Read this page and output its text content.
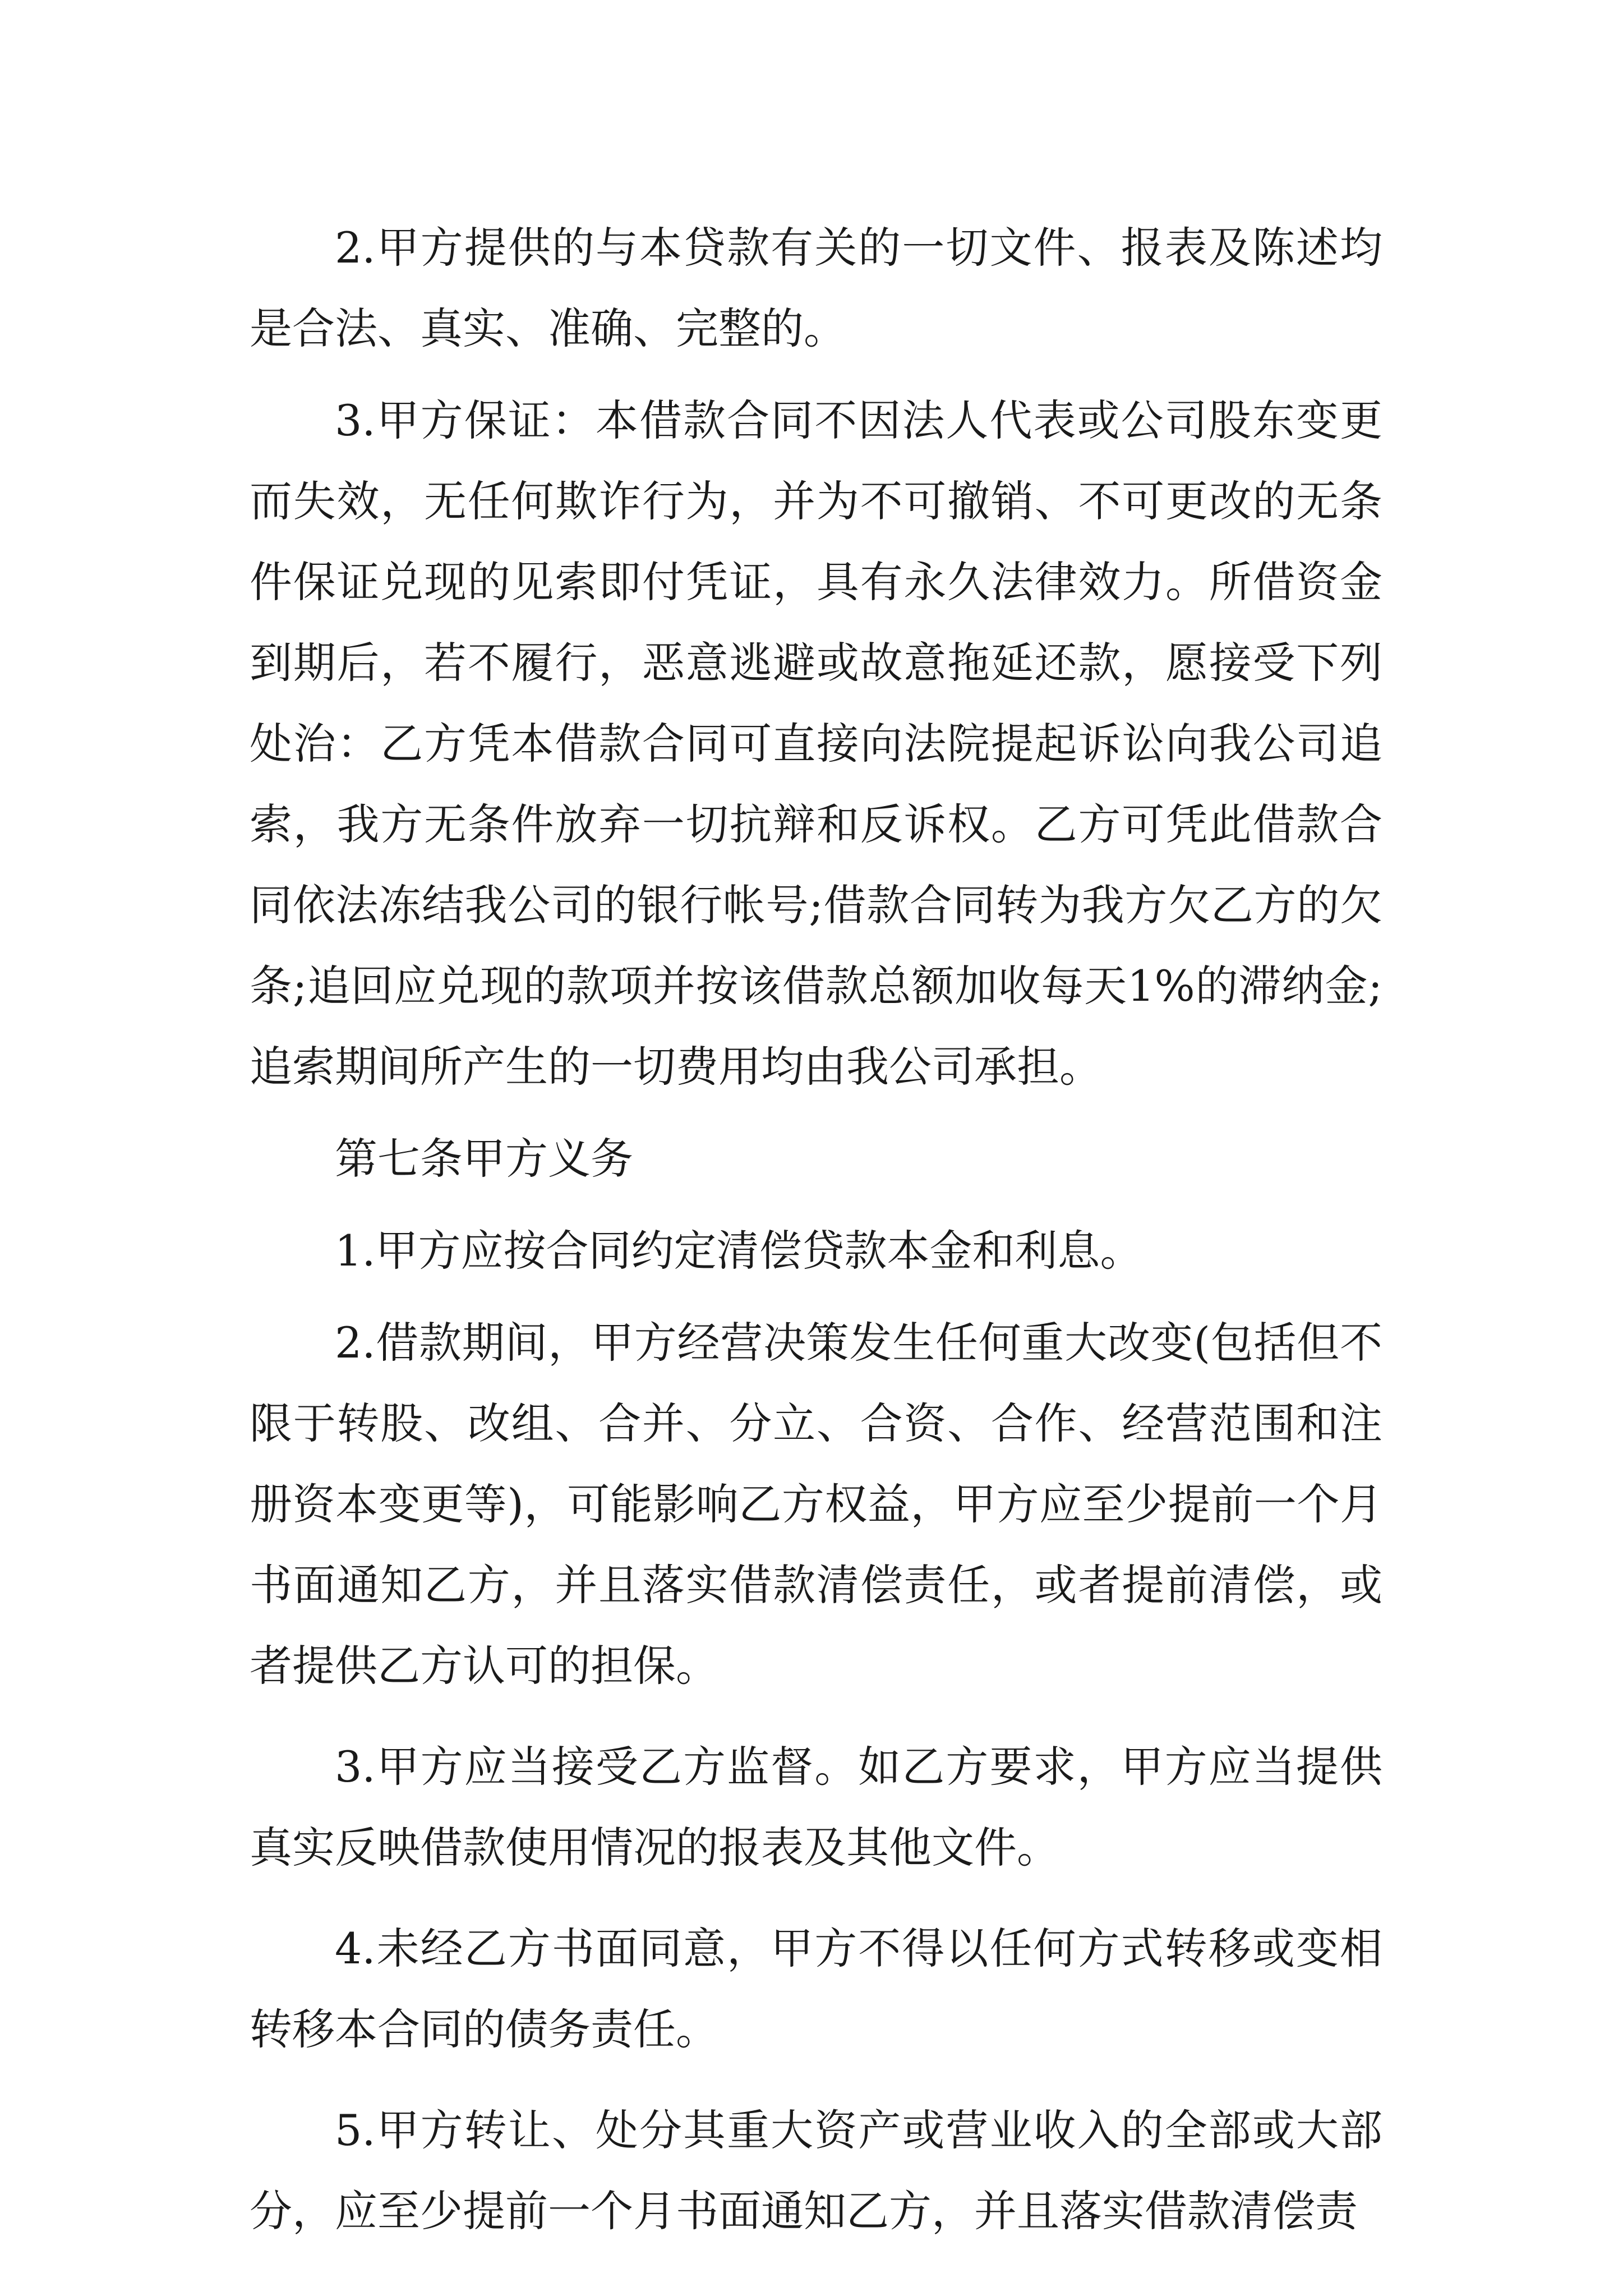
2.甲方提供的与本贷款有关的一切文件、报表及陈述均是合法、真实、准确、完整的。

3.甲方保证：本借款合同不因法人代表或公司股东变更而失效，无任何欺诈行为，并为不可撤销、不可更改的无条件保证兑现的见索即付凭证，具有永久法律效力。所借资金到期后，若不履行，恶意逃避或故意拖延还款，愿接受下列处治：乙方凭本借款合同可直接向法院提起诉讼向我公司追索，我方无条件放弃一切抗辩和反诉权。乙方可凭此借款合同依法冻结我公司的银行帐号;借款合同转为我方欠乙方的欠条;追回应兑现的款项并按该借款总额加收每天1%的滞纳金;追索期间所产生的一切费用均由我公司承担。

第七条甲方义务

1.甲方应按合同约定清偿贷款本金和利息。

2.借款期间，甲方经营决策发生任何重大改变(包括但不限于转股、改组、合并、分立、合资、合作、经营范围和注册资本变更等)，可能影响乙方权益，甲方应至少提前一个月书面通知乙方，并且落实借款清偿责任，或者提前清偿，或者提供乙方认可的担保。

3.甲方应当接受乙方监督。如乙方要求，甲方应当提供真实反映借款使用情况的报表及其他文件。

4.未经乙方书面同意，甲方不得以任何方式转移或变相转移本合同的债务责任。

5.甲方转让、处分其重大资产或营业收入的全部或大部分，应至少提前一个月书面通知乙方，并且落实借款清偿责
